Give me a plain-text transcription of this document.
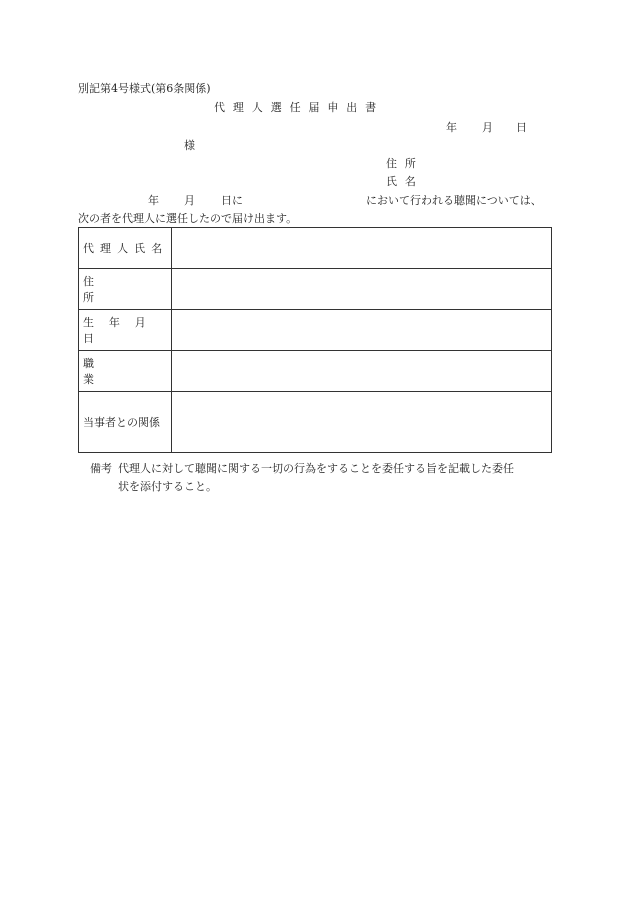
別記第4号様式(第6条関係)
代 理 人 選 任 届 申 出 書
年 月 日
様
住 所
氏 名
年 月 日に	において行われる聴聞については、
次の者を代理人に選任したので届け出ます。
代理人氏名	
住所	
生年月日	
職業	
当事者との関係	
備考 代理人に対して聴聞に関する一切の行為をすることを委任する旨を記載した委任
状を添付すること。
